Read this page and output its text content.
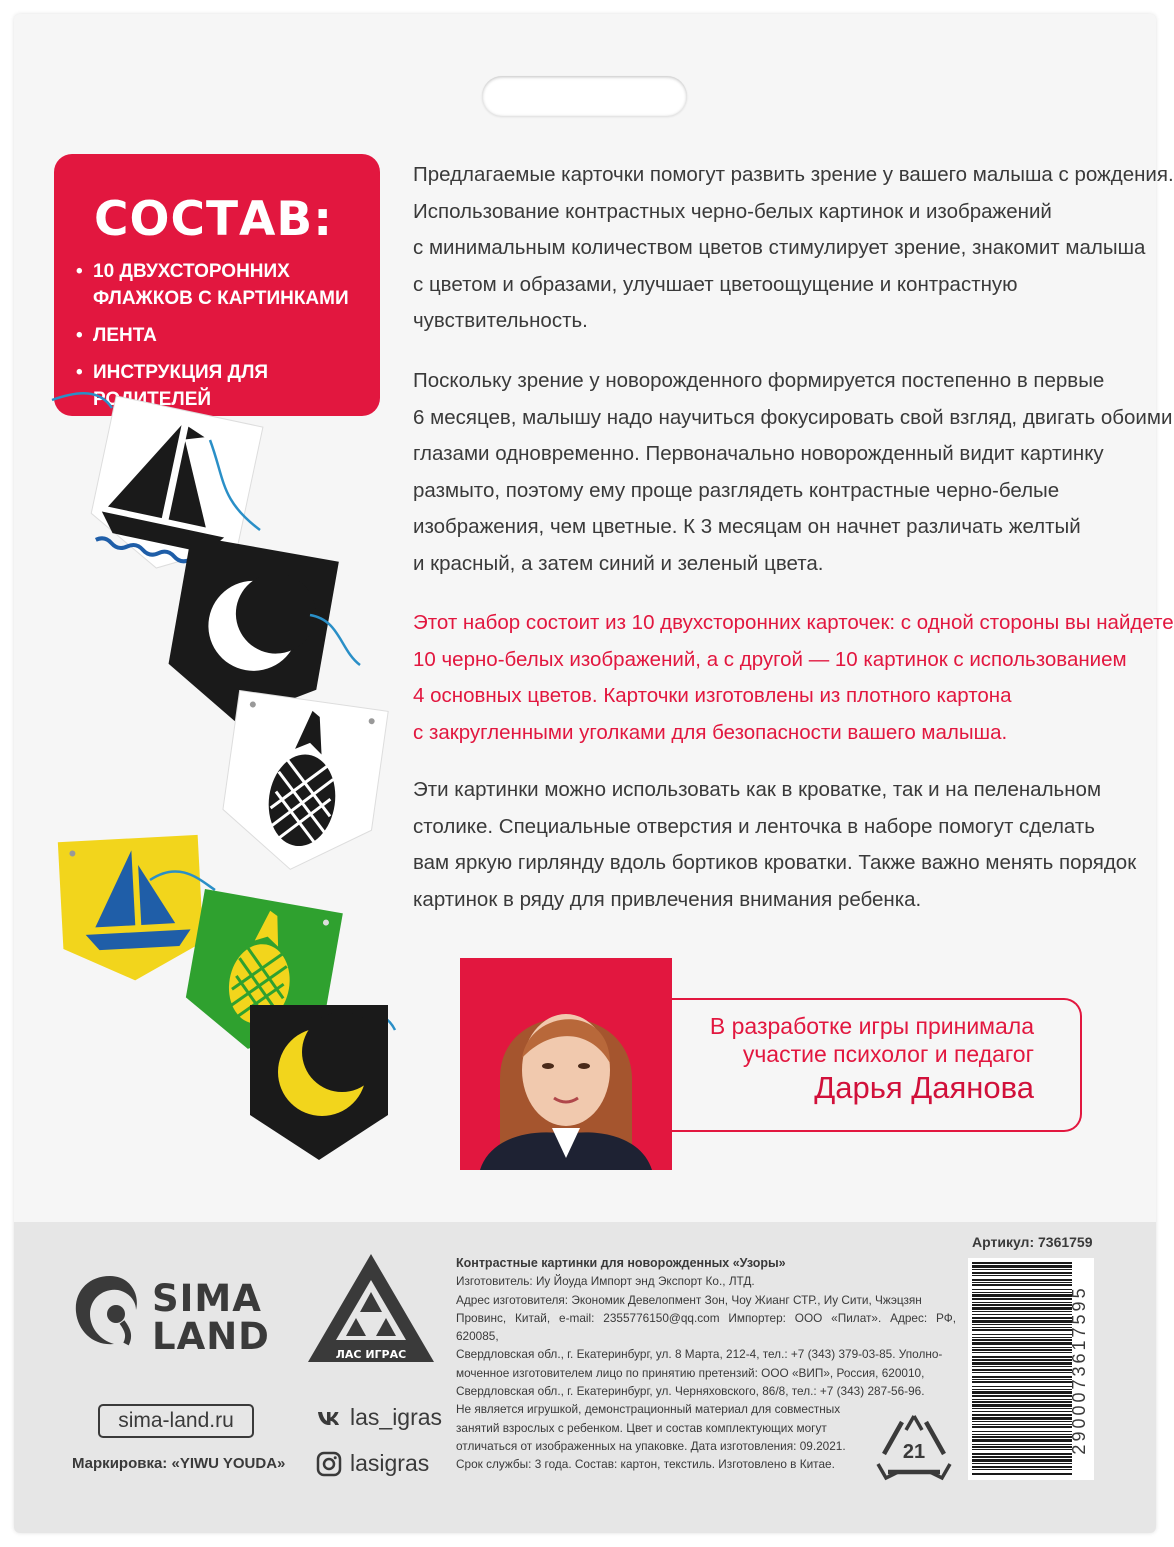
СОСТАВ:
• 10 ДВУХСТОРОННИХ ФЛАЖКОВ С КАРТИНКАМИ
• ЛЕНТА
• ИНСТРУКЦИЯ ДЛЯ РОДИТЕЛЕЙ
Предлагаемые карточки помогут развить зрение у вашего малыша с рождения.
Использование контрастных черно-белых картинок и изображений
с минимальным количеством цветов стимулирует зрение, знакомит малыша
с цветом и образами, улучшает цветоощущение и контрастную
чувствительность.
Поскольку зрение у новорожденного формируется постепенно в первые
6 месяцев, малышу надо научиться фокусировать свой взгляд, двигать обоими
глазами одновременно. Первоначально новорожденный видит картинку
размыто, поэтому ему проще разглядеть контрастные черно-белые
изображения, чем цветные. К 3 месяцам он начнет различать желтый
и красный, а затем синий и зеленый цвета.
Этот набор состоит из 10 двухсторонних карточек: с одной стороны вы найдете
10 черно-белых изображений, а с другой — 10 картинок с использованием
4 основных цветов. Карточки изготовлены из плотного картона
с закругленными уголками для безопасности вашего малыша.
Эти картинки можно использовать как в кроватке, так и на пеленальном
столике. Специальные отверстия и ленточка в наборе помогут сделать
вам яркую гирлянду вдоль бортиков кроватки. Также важно менять порядок
картинок в ряду для привлечения внимания ребенка.
В разработке игры принимала
участие психолог и педагог
Дарья Даянова
SIMA
LAND
sima-land.ru
Маркировка: «YIWU YOUDA»
ЛАС ИГРАС
las_igras
lasigras
Артикул: 7361759
Контрастные картинки для новорожденных «Узоры»
Изготовитель: Иу Йоуда Импорт энд Экспорт Ко., ЛТД.
Адрес изготовителя: Экономик Девелопмент Зон, Чоу Жианг СТР., Иу Сити, Чжэцзян
Провинс, Китай, e-mail: 2355776150@qq.com Импортер: ООО «Пилат». Адрес: РФ, 620085,
Свердловская обл., г. Екатеринбург, ул. 8 Марта, 212-4, тел.: +7 (343) 379-03-85. Уполно-
моченное изготовителем лицо по принятию претензий: ООО «ВИП», Россия, 620010,
Свердловская обл., г. Екатеринбург, ул. Черняховского, 86/8, тел.: +7 (343) 287-56-96.
Не является игрушкой, демонстрационный материал для совместных
занятий взрослых с ребенком. Цвет и состав комплектующих могут
отличаться от изображенных на упаковке. Дата изготовления: 09.2021.
Срок службы: 3 года. Состав: картон, текстиль. Изготовлено в Китае.
2900073617595
21
